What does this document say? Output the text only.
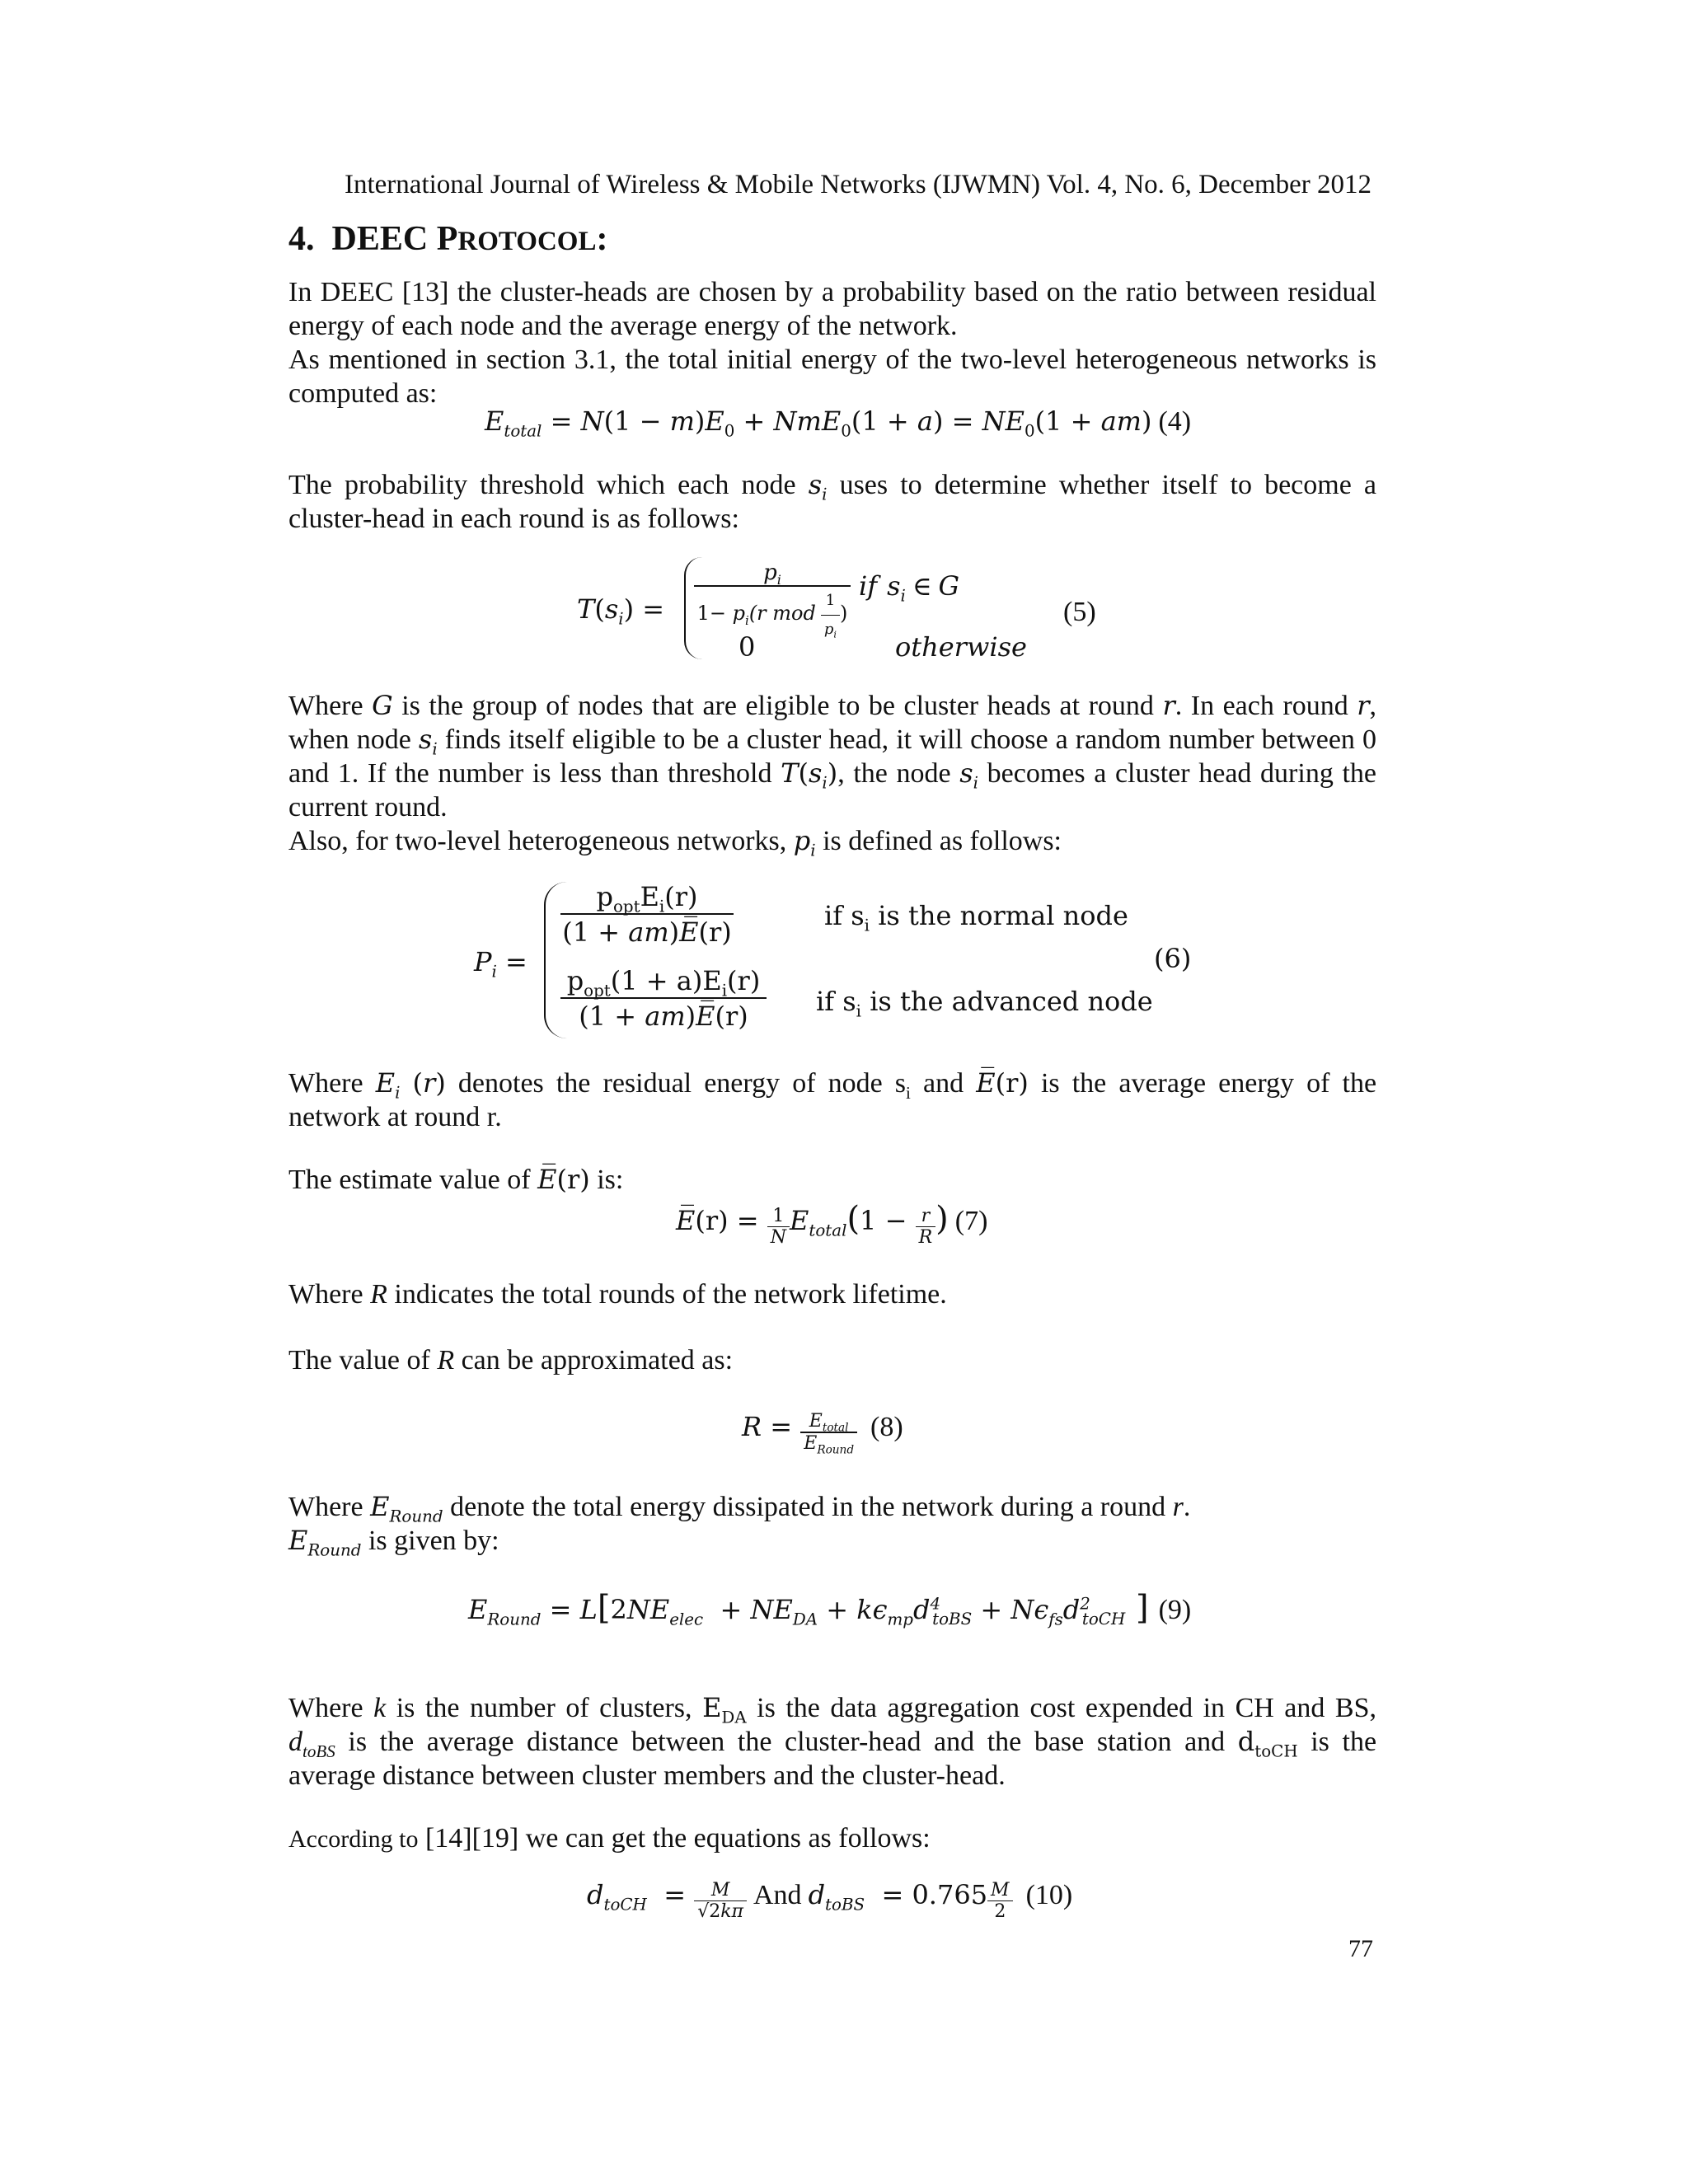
International Journal of Wireless & Mobile Networks (IJWMN) Vol. 4, No. 6, December 2012
4. DEEC PROTOCOL:
In DEEC [13] the cluster-heads are chosen by a probability based on the ratio between residual
energy of each node and the average energy of the network.
As mentioned in section 3.1, the total initial energy of the two-level heterogeneous networks is
computed as:
$E_{total} = N(1 - m)E_0 + NmE_0(1 + a) = NE_0(1 + am)$ (4)
The probability threshold which each node $s_i$ uses to determine whether itself to become a
cluster-head in each round is as follows:
$T(s_i)$ =
$p_i$
$1- p_i(r$ mod $\frac{1}{p_i}$ )
if $s_i$ ∈ G
0	otherwise
(5)
Where G is the group of nodes that are eligible to be cluster heads at round r. In each round r,
when node $s_i$ finds itself eligible to be a cluster head, it will choose a random number between 0
and 1. If the number is less than threshold $T(s_i)$, the node $s_i$ becomes a cluster head during the
current round.
Also, for two-level heterogeneous networks, $p_i$ is defined as follows:
$P_i$ =
$p_{opt}E_i(r)$
(1 + am)E̅(r)
$p_{opt}(1 + a)E_i(r)$
(1 + am)E̅(r)
if $s_i$ is the normal node
if $s_i$ is the advanced node
(6)
Where $E_i$ (r) denotes the residual energy of node $s_i$ and E̅(r) is the average energy of the
network at round r.
The estimate value of E̅(r) is:
E̅(r) = $\frac{1}{N} E_{total}(1 - \frac{r}{R}$ ) (7)
Where R indicates the total rounds of the network lifetime.
The value of R can be approximated as:
$R = \frac{E_{total}}{E_{Round}} (8)$
Where $E_{Round}$ denote the total energy dissipated in the network during a round r.
$E_{Round}$ is given by:
$E_{Round} = L[2NE_{elec} + NE_{DA} + k\epsilon_{mp}d^4_{toBS} + N\epsilon_{fs}d^2_{toCH}$ ] (9)
Where k is the number of clusters, $E_{DA}$ is the data aggregation cost expended in CH and BS,
$d_{toBS}$ is the average distance between the cluster-head and the base station and $d_{toCH}$ is the
average distance between cluster members and the cluster-head.
According to [14][19] we can get the equations as follows:
$d_{toCH} = \frac{M}{√2k\pi}$ And $d_{toBS} = 0.765 \frac{M}{2} (10)$
77
